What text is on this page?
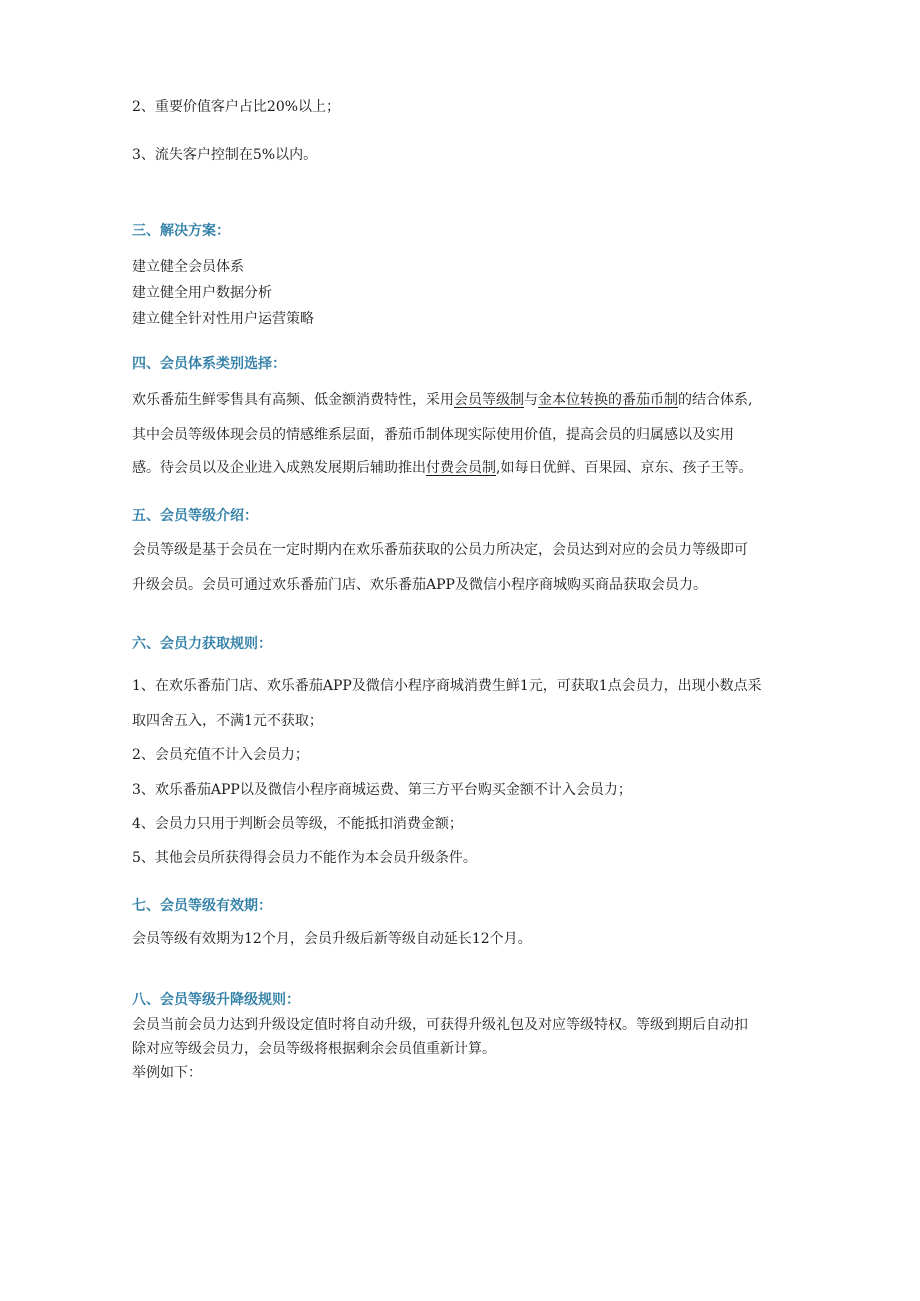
2、重要价值客户占比20%以上；
3、流失客户控制在5%以内。
三、解决方案：
建立健全会员体系
建立健全用户数据分析
建立健全针对性用户运营策略
四、会员体系类别选择：
欢乐番茄生鲜零售具有高频、低金额消费特性，采用会员等级制与金本位转换的番茄币制的结合体系,
其中会员等级体现会员的情感维系层面，番茄币制体现实际使用价值，提高会员的归属感以及实用
感。待会员以及企业进入成熟发展期后辅助推出付费会员制,如每日优鲜、百果园、京东、孩子王等。
五、会员等级介绍：
会员等级是基于会员在一定时期内在欢乐番茄获取的公员力所决定，会员达到对应的会员力等级即可
升级会员。会员可通过欢乐番茄门店、欢乐番茄APP及微信小程序商城购买商品获取会员力。
六、会员力获取规则：
1、在欢乐番茄门店、欢乐番茄APP及微信小程序商城消费生鲜1元，可获取1点会员力，出现小数点采
取四舍五入，不满1元不获取；
2、会员充值不计入会员力；
3、欢乐番茄APP以及微信小程序商城运费、第三方平台购买金额不计入会员力；
4、会员力只用于判断会员等级，不能抵扣消费金额；
5、其他会员所获得得会员力不能作为本会员升级条件。
七、会员等级有效期：
会员等级有效期为12个月，会员升级后新等级自动延长12个月。
八、会员等级升降级规则：
会员当前会员力达到升级设定值时将自动升级，可获得升级礼包及对应等级特权。等级到期后自动扣
除对应等级会员力，会员等级将根据剩余会员值重新计算。
举例如下：
